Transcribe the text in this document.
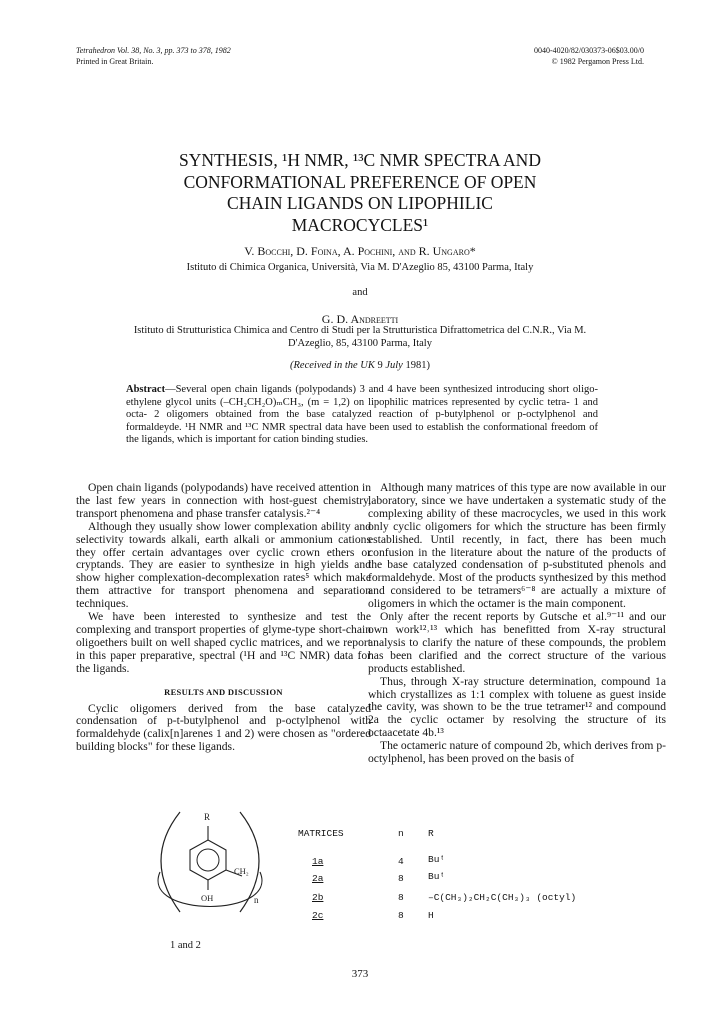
Tetrahedron Vol. 38, No. 3, pp. 373 to 378, 1982
Printed in Great Britain.
0040-4020/82/030373-06$03.00/0
© 1982 Pergamon Press Ltd.
SYNTHESIS, ¹H NMR, ¹³C NMR SPECTRA AND
CONFORMATIONAL PREFERENCE OF OPEN
CHAIN LIGANDS ON LIPOPHILIC
MACROCYCLES¹
V. Bocchi, D. Foina, A. Pochini, and R. Ungaro*
Istituto di Chimica Organica, Università, Via M. D'Azeglio 85, 43100 Parma, Italy
and
G. D. Andreetti
Istituto di Strutturistica Chimica and Centro di Studi per la Strutturistica Difrattometrica del C.N.R., Via M.
D'Azeglio, 85, 43100 Parma, Italy
(Received in the UK 9 July 1981)
Abstract—Several open chain ligands (polypodands) 3 and 4 have been synthesized introducing short oligo-ethylene glycol units (–CH₂CH₂O)ₘCH₃, (m = 1,2) on lipophilic matrices represented by cyclic tetra- 1 and octa- 2 oligomers obtained from the base catalyzed reaction of p-butylphenol or p-octylphenol and formaldeyde. ¹H NMR and ¹³C NMR spectral data have been used to establish the conformational freedom of the ligands, which is important for cation binding studies.

Open chain ligands (polypodands) have received attention in the last few years in connection with host-guest chemistry, transport phenomena and phase transfer catalysis.²⁻⁴

Although they usually show lower complexation ability and selectivity towards alkali, earth alkali or ammonium cations they offer certain advantages over cyclic crown ethers or cryptands. They are easier to synthesize in high yields and show higher complexation-decomplexation rates⁵ which make them attractive for transport phenomena and separation techniques.

We have been interested to synthesize and test the complexing and transport properties of glyme-type short-chain oligoethers built on well shaped cyclic matrices, and we report in this paper preparative, spectral (¹H and ¹³C NMR) data for the ligands.

RESULTS AND DISCUSSION

Cyclic oligomers derived from the base catalyzed condensation of p-t-butylphenol and p-octylphenol with formaldehyde (calix[n]arenes 1 and 2) were chosen as "ordered building blocks" for these ligands.

Although many matrices of this type are now available in our laboratory, since we have undertaken a systematic study of the complexing ability of these macrocycles, we used in this work only cyclic oligomers for which the structure has been firmly established. Until recently, in fact, there has been much confusion in the literature about the nature of the products of the base catalyzed condensation of p-substituted phenols and formaldehyde. Most of the products synthesized by this method and considered to be tetramers⁶⁻⁸ are actually a mixture of oligomers in which the octamer is the main component.

Only after the recent reports by Gutsche et al.⁹⁻¹¹ and our own work¹²˒¹³ which has benefitted from X-ray structural analysis to clarify the nature of these compounds, the problem has been clarified and the correct structure of the various products established.

Thus, through X-ray structure determination, compound 1a which crystallizes as 1:1 complex with toluene as guest inside the cavity, was shown to be the true tetramer¹² and compound 2a the cyclic octamer by resolving the structure of its octaacetate 4b.¹³

The octameric nature of compound 2b, which derives from p-octylphenol, has been proved on the basis of

R
CH₂
OH	n
1 and 2
MATRICES	n	R
1a	4	Buᵗ
2a	8	Buᵗ
2b	8	–C(CH₃)₂CH₂C(CH₃)₃ (octyl)
2c	8	H
373
